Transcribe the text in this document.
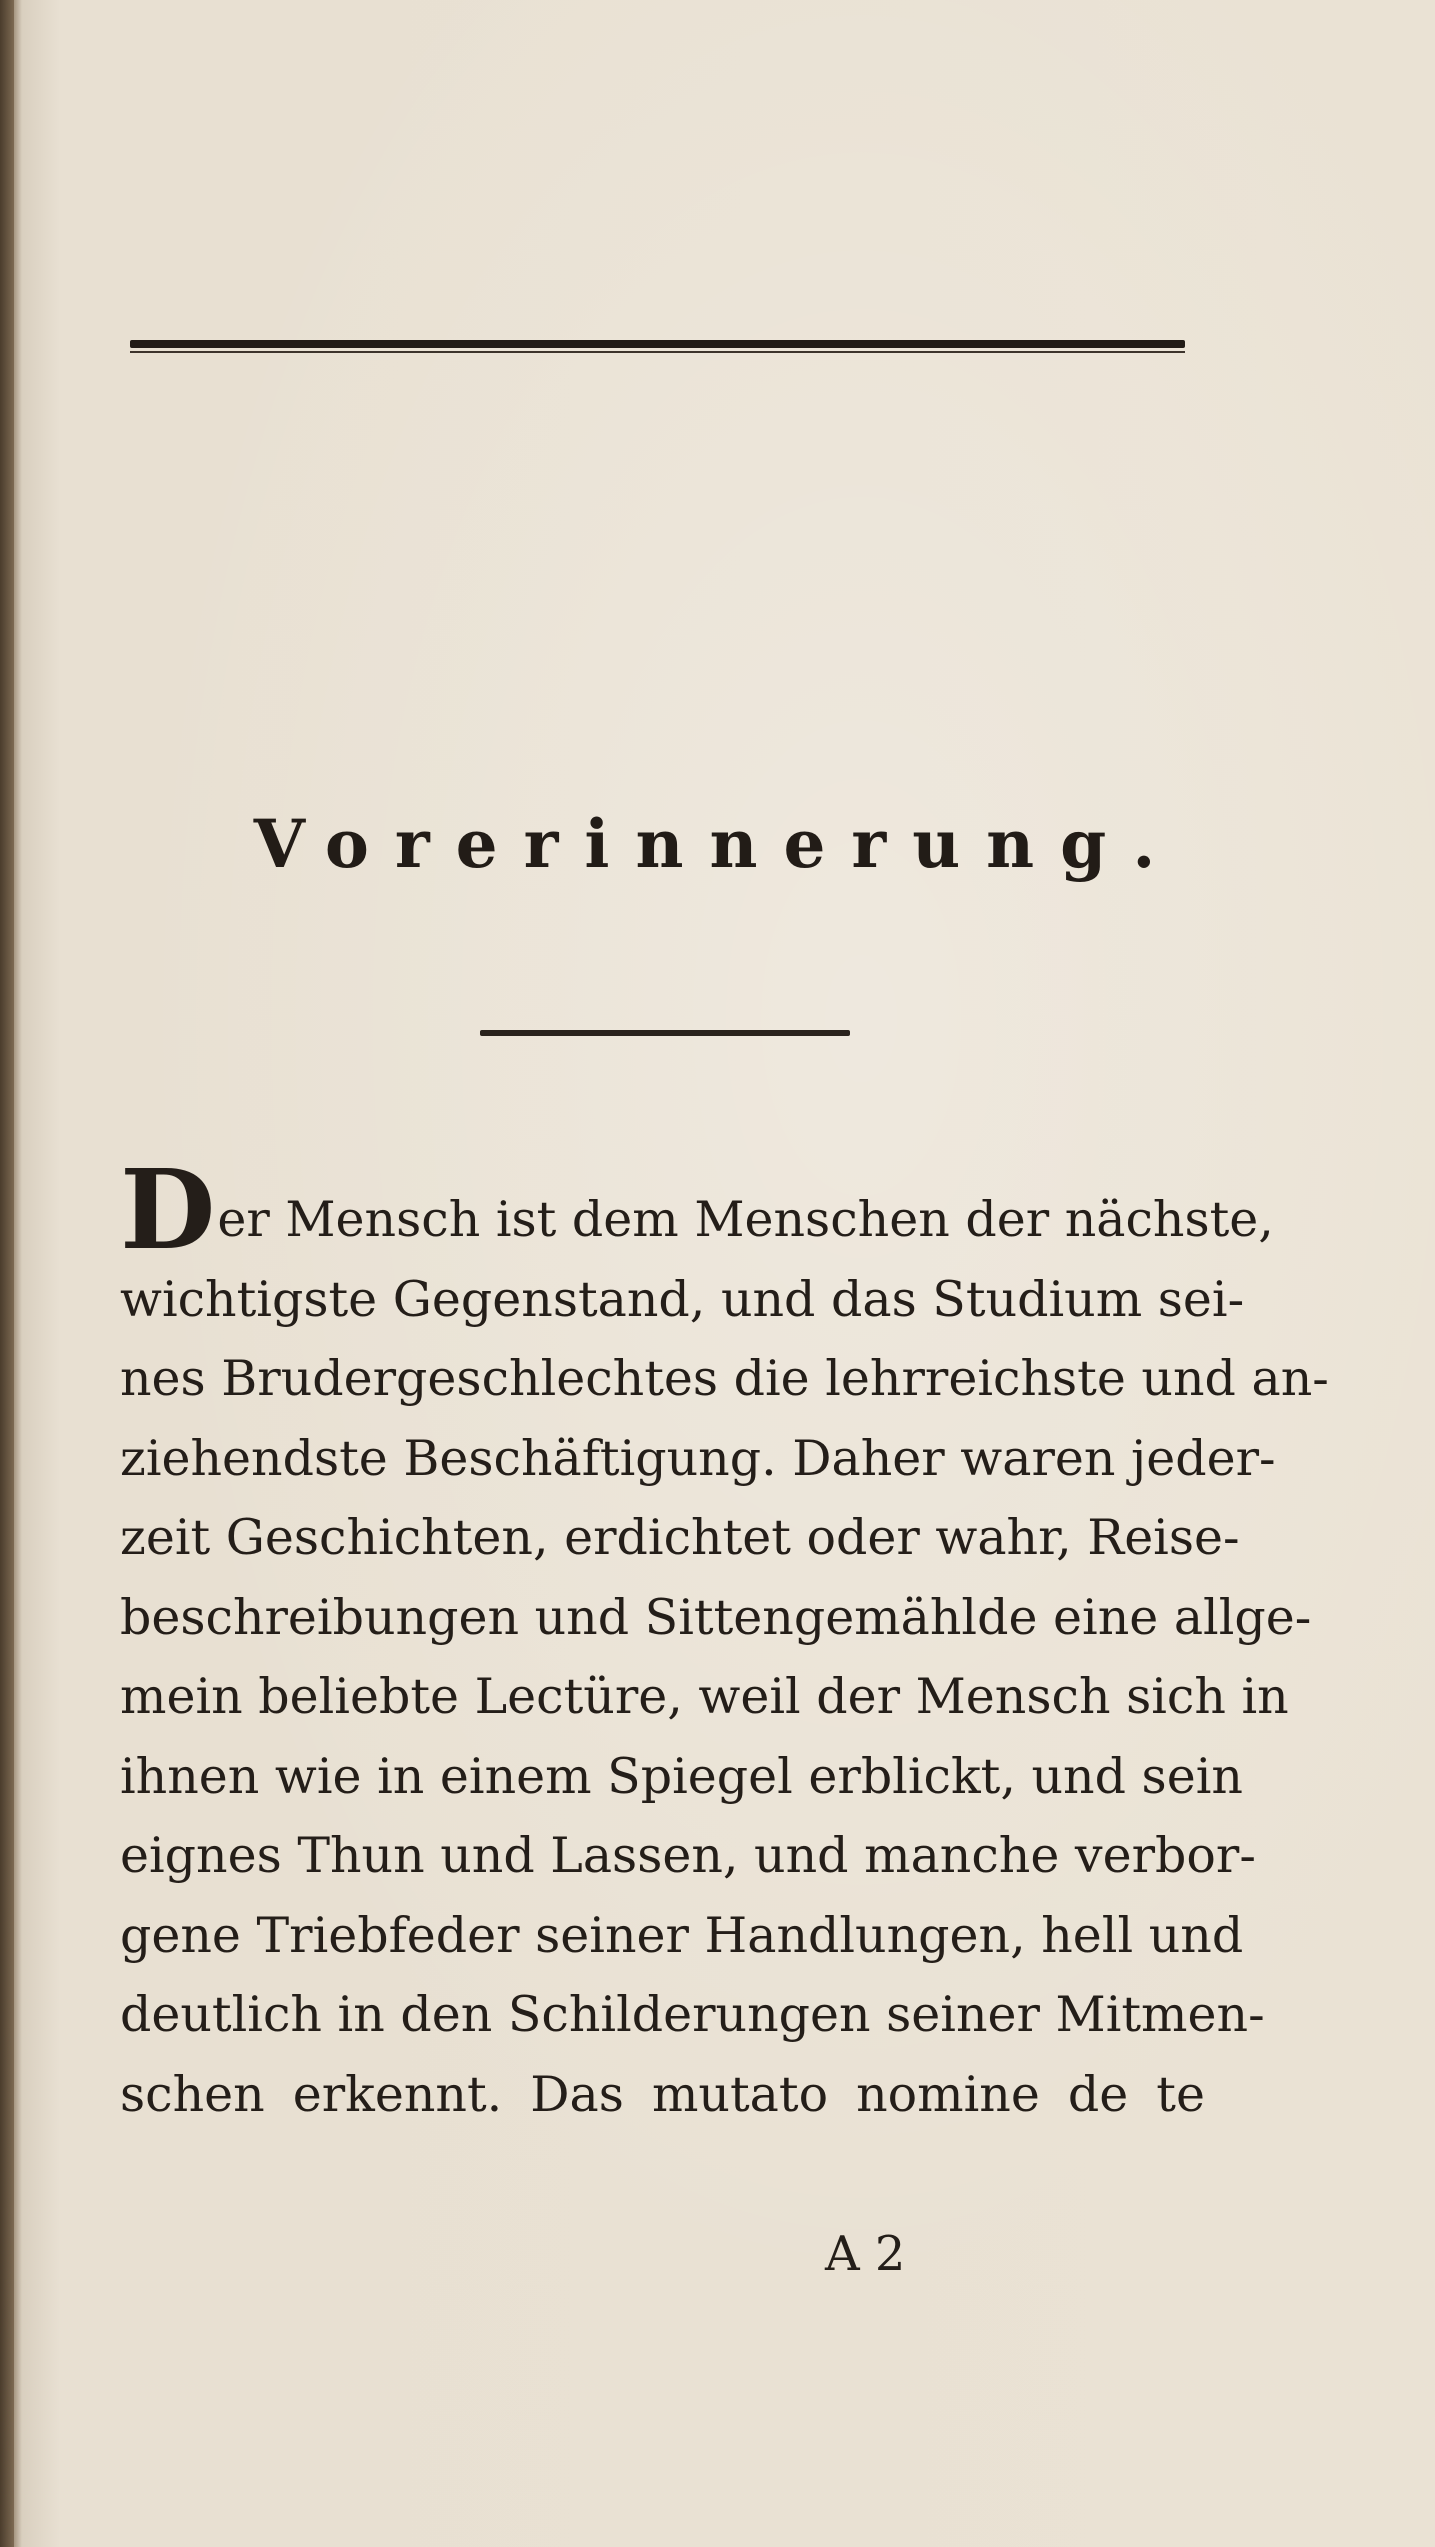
Vorerinnerung.
Der Mensch ist dem Menschen der nächste,
wichtigste Gegenstand, und das Studium sei-
nes Brudergeschlechtes die lehrreichste und an-
ziehendste Beschäftigung. Daher waren jeder-
zeit Geschichten, erdichtet oder wahr, Reise-
beschreibungen und Sittengemählde eine allge-
mein beliebte Lectüre, weil der Mensch sich in
ihnen wie in einem Spiegel erblickt, und sein
eignes Thun und Lassen, und manche verbor-
gene Triebfeder seiner Handlungen, hell und
deutlich in den Schilderungen seiner Mitmen-
schen erkennt. Das mutato nomine de te
A 2
